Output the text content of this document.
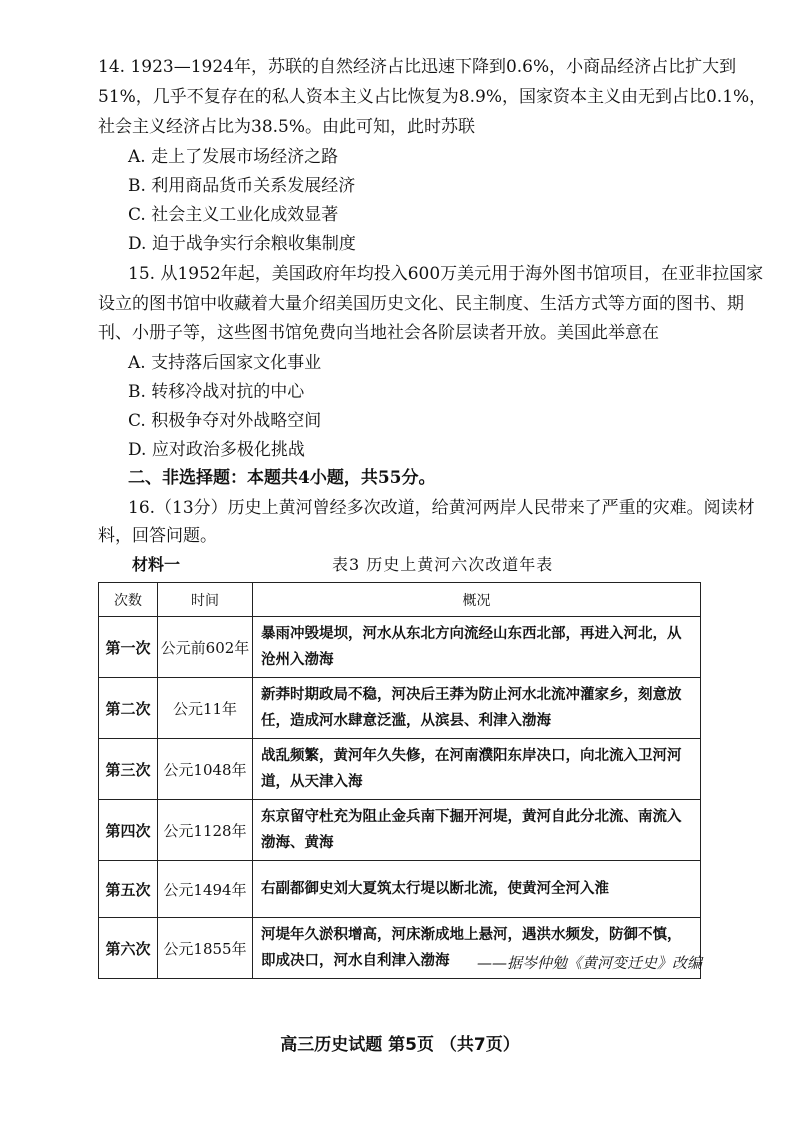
14. 1923—1924年，苏联的自然经济占比迅速下降到0.6%，小商品经济占比扩大到
51%，几乎不复存在的私人资本主义占比恢复为8.9%，国家资本主义由无到占比0.1%，
社会主义经济占比为38.5%。由此可知，此时苏联
A. 走上了发展市场经济之路
B. 利用商品货币关系发展经济
C. 社会主义工业化成效显著
D. 迫于战争实行余粮收集制度
15. 从1952年起，美国政府年均投入600万美元用于海外图书馆项目，在亚非拉国家
设立的图书馆中收藏着大量介绍美国历史文化、民主制度、生活方式等方面的图书、期
刊、小册子等，这些图书馆免费向当地社会各阶层读者开放。美国此举意在
A. 支持落后国家文化事业
B. 转移冷战对抗的中心
C. 积极争夺对外战略空间
D. 应对政治多极化挑战
二、非选择题：本题共4小题，共55分。
16.（13分）历史上黄河曾经多次改道，给黄河两岸人民带来了严重的灾难。阅读材
料，回答问题。
材料一	表3 历史上黄河六次改道年表
次数	时间	概况
第一次	公元前602年	暴雨冲毁堤坝，河水从东北方向流经山东西北部，再进入河北，从沧州入渤海
第二次	公元11年	新莽时期政局不稳，河决后王莽为防止河水北流冲灌家乡，刻意放任，造成河水肆意泛滥，从滨县、利津入渤海
第三次	公元1048年	战乱频繁，黄河年久失修，在河南濮阳东岸决口，向北流入卫河河道，从天津入海
第四次	公元1128年	东京留守杜充为阻止金兵南下掘开河堤，黄河自此分北流、南流入渤海、黄海
第五次	公元1494年	右副都御史刘大夏筑太行堤以断北流，使黄河全河入淮
第六次	公元1855年	河堤年久淤积增高，河床渐成地上悬河，遇洪水频发，防御不慎，即成决口，河水自利津入渤海 ——据岑仲勉《黄河变迁史》改编
高三历史试题 第5页 （共7页）
